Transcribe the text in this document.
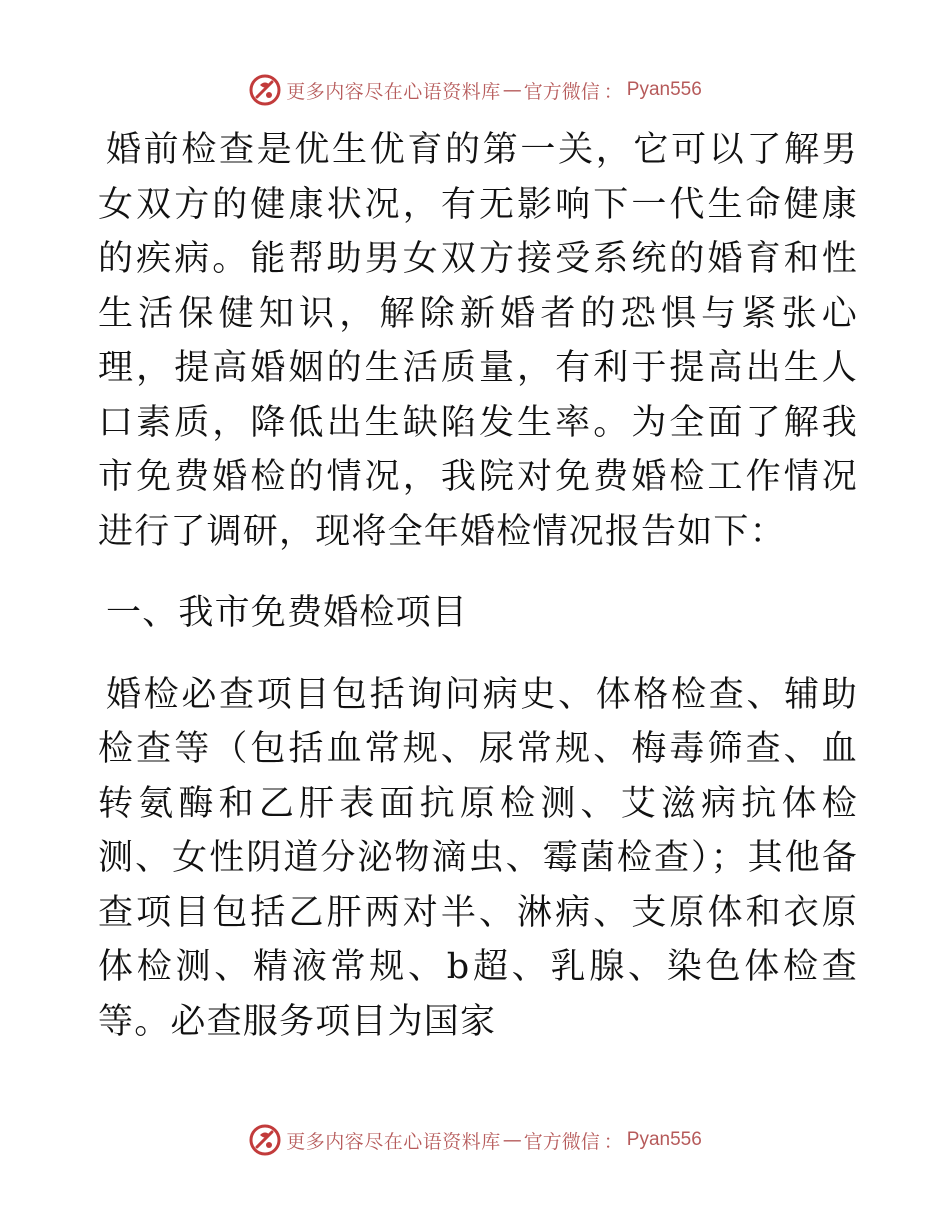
更多内容尽在心语资料库 — 官方微信 ： Pyan556

婚前检查是优生优育的第一关，它可以了解男女双方的健康状况，有无影响下一代生命健康的疾病。能帮助男女双方接受系统的婚育和性生活保健知识，解除新婚者的恐惧与紧张心理，提高婚姻的生活质量，有利于提高出生人口素质，降低出生缺陷发生率。为全面了解我市免费婚检的情况，我院对免费婚检工作情况进行了调研，现将全年婚检情况报告如下：

一、我市免费婚检项目

婚检必查项目包括询问病史、体格检查、辅助检查等（包括血常规、尿常规、梅毒筛查、血转氨酶和乙肝表面抗原检测、艾滋病抗体检测、女性阴道分泌物滴虫、霉菌检查）；其他备查项目包括乙肝两对半、淋病、支原体和衣原体检测、精液常规、b超、乳腺、染色体检查等。必查服务项目为国家

更多内容尽在心语资料库 — 官方微信 ： Pyan556
